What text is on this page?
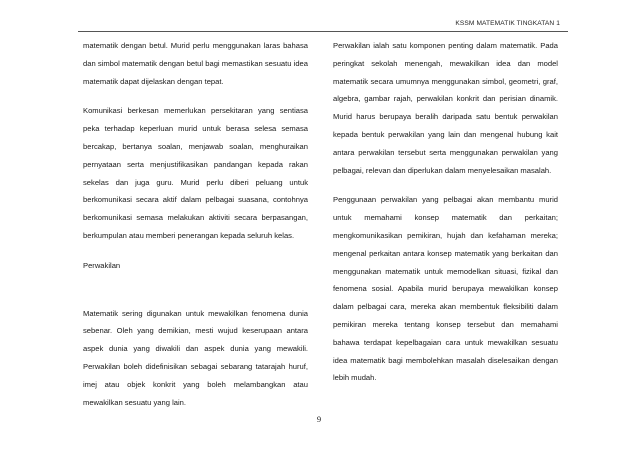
KSSM MATEMATIK TINGKATAN 1

matematik dengan betul. Murid perlu menggunakan laras bahasa dan simbol matematik dengan betul bagi memastikan sesuatu idea matematik dapat dijelaskan dengan tepat.

Komunikasi berkesan memerlukan persekitaran yang sentiasa peka terhadap keperluan murid untuk berasa selesa semasa bercakap, bertanya soalan, menjawab soalan, menghuraikan pernyataan serta menjustifikasikan pandangan kepada rakan sekelas dan juga guru. Murid perlu diberi peluang untuk berkomunikasi secara aktif dalam pelbagai suasana, contohnya berkomunikasi semasa melakukan aktiviti secara berpasangan, berkumpulan atau memberi penerangan kepada seluruh kelas.

Perwakilan

Matematik sering digunakan untuk mewakilkan fenomena dunia sebenar. Oleh yang demikian, mesti wujud keserupaan antara aspek dunia yang diwakili dan aspek dunia yang mewakili. Perwakilan boleh didefinisikan sebagai sebarang tatarajah huruf, imej atau objek konkrit yang boleh melambangkan atau mewakilkan sesuatu yang lain.

Perwakilan ialah satu komponen penting dalam matematik. Pada peringkat sekolah menengah, mewakilkan idea dan model matematik secara umumnya menggunakan simbol, geometri, graf, algebra, gambar rajah, perwakilan konkrit dan perisian dinamik. Murid harus berupaya beralih daripada satu bentuk perwakilan kepada bentuk perwakilan yang lain dan mengenal hubung kait antara perwakilan tersebut serta menggunakan perwakilan yang pelbagai, relevan dan diperlukan dalam menyelesaikan masalah.

Penggunaan perwakilan yang pelbagai akan membantu murid untuk memahami konsep matematik dan perkaitan; mengkomunikasikan pemikiran, hujah dan kefahaman mereka; mengenal perkaitan antara konsep matematik yang berkaitan dan menggunakan matematik untuk memodelkan situasi, fizikal dan fenomena sosial. Apabila murid berupaya mewakilkan konsep dalam pelbagai cara, mereka akan membentuk fleksibiliti dalam pemikiran mereka tentang konsep tersebut dan memahami bahawa terdapat kepelbagaian cara untuk mewakilkan sesuatu idea matematik bagi membolehkan masalah diselesaikan dengan lebih mudah.

9
